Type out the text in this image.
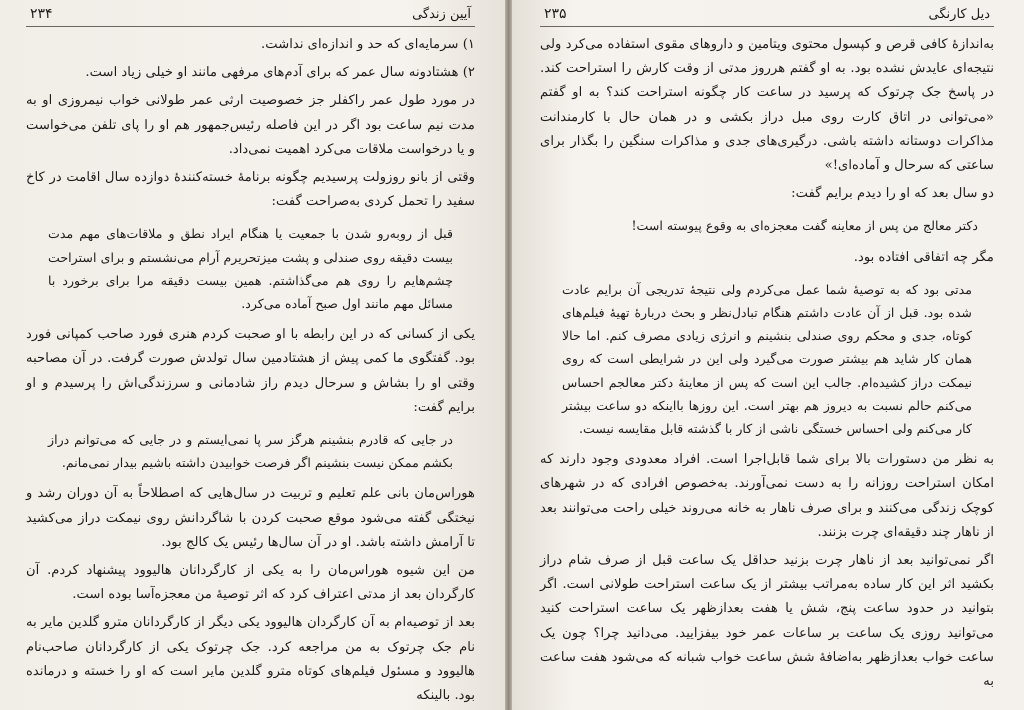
آیین زندگی
۲۳۴

۱) سرمایه‌ای که حد و اندازه‌ای نداشت.

۲) هشتادونه سال عمر که برای آدم‌های مرفهی مانند او خیلی زیاد است.

در مورد طول عمر راکفلر جز خصوصیت ارثی عمر طولانی خواب نیمروزی او به مدت نیم ساعت بود اگر در این فاصله رئیس‌جمهور هم او را پای تلفن می‌خواست و یا درخواست ملاقات می‌کرد اهمیت نمی‌داد.

وقتی از بانو روزولت پرسیدیم چگونه برنامهٔ خسته‌کنندهٔ دوازده سال اقامت در کاخ سفید را تحمل کردی به‌صراحت گفت:

قبل از روبه‌رو شدن با جمعیت یا هنگام ایراد نطق و ملاقات‌های مهم مدت بیست دقیقه روی صندلی و پشت میزتحریرم آرام می‌نشستم و برای استراحت چشم‌هایم را روی هم می‌گذاشتم. همین بیست دقیقه مرا برای برخورد با مسائل مهم مانند اول صبح آماده می‌کرد.

یکی از کسانی که در این رابطه با او صحبت کردم هنری فورد صاحب کمپانی فورد بود. گفتگوی ما کمی پیش از هشتادمین سال تولدش صورت گرفت. در آن مصاحبه وقتی او را بشاش و سرحال دیدم راز شادمانی و سرزندگی‌اش را پرسیدم و او برایم گفت:

در جایی که قادرم بنشینم هرگز سر پا نمی‌ایستم و در جایی که می‌توانم دراز بکشم ممکن نیست بنشینم اگر فرصت خوابیدن داشته باشیم بیدار نمی‌مانم.

هوراس‌مان بانی علم تعلیم و تربیت در سال‌هایی که اصطلاحاً به آن دوران رشد و نیختگی گفته می‌شود موقع صحبت کردن با شاگردانش روی نیمکت دراز می‌کشید تا آرامش داشته باشد. او در آن سال‌ها رئیس یک کالج بود.

من این شیوه هوراس‌مان را به یکی از کارگردانان هالیوود پیشنهاد کردم. آن کارگردان بعد از مدتی اعتراف کرد که اثر توصیهٔ من معجزه‌آسا بوده است.

بعد از توصیه‌ام به آن کارگردان هالیوود یکی دیگر از کارگردانان مترو گلدین مایر به نام جک چرتوک به من مراجعه کرد. جک چرتوک یکی از کارگردانان صاحب‌نام هالیوود و مسئول فیلم‌های کوتاه مترو گلدین مایر است که او را خسته و درمانده بود. بالینکه

دیل کارنگی
۲۳۵

به‌اندازهٔ کافی قرص و کپسول محتوی ویتامین و داروهای مقوی استفاده می‌کرد ولی نتیجه‌ای عایدش نشده بود. به او گفتم هرروز مدتی از وقت کارش را استراحت کند. در پاسخ جک چرتوک که پرسید در ساعت کار چگونه استراحت کند؟ به او گفتم «می‌توانی در اتاق کارت روی مبل دراز بکشی و در همان حال با کارمندانت مذاکرات دوستانه داشته باشی. درگیری‌های جدی و مذاکرات سنگین را بگذار برای ساعتی که سرحال و آماده‌ای!»

دو سال بعد که او را دیدم برایم گفت:

دکتر معالج من پس از معاینه گفت معجزه‌ای به وقوع پیوسته است!

مگر چه اتفاقی افتاده بود.

مدتی بود که به توصیهٔ شما عمل می‌کردم ولی نتیجهٔ تدریجی آن برایم عادت شده بود. قبل از آن عادت داشتم هنگام تبادل‌نظر و بحث دربارهٔ تهیهٔ فیلم‌های کوتاه، جدی و محکم روی صندلی بنشینم و انرژی زیادی مصرف کنم. اما حالا همان کار شاید هم بیشتر صورت می‌گیرد ولی این در شرایطی است که روی نیمکت دراز کشیده‌ام. جالب این است که پس از معاینهٔ دکتر معالجم احساس می‌کنم حالم نسبت به دیروز هم بهتر است. این روزها بااینکه دو ساعت بیشتر کار می‌کنم ولی احساس خستگی ناشی از کار با گذشته قابل مقایسه نیست.

به نظر من دستورات بالا برای شما قابل‌اجرا است. افراد معدودی وجود دارند که امکان استراحت روزانه را به دست نمی‌آورند. به‌خصوص افرادی که در شهرهای کوچک زندگی می‌کنند و برای صرف ناهار به خانه می‌روند خیلی راحت می‌توانند بعد از ناهار چند دقیقه‌ای چرت بزنند.

اگر نمی‌توانید بعد از ناهار چرت بزنید حداقل یک ساعت قبل از صرف شام دراز بکشید اثر این کار ساده به‌مراتب بیشتر از یک ساعت استراحت طولانی است. اگر بتوانید در حدود ساعت پنج، شش یا هفت بعدازظهر یک ساعت استراحت کنید می‌توانید روزی یک ساعت بر ساعات عمر خود بیفزایید. می‌دانید چرا؟ چون یک ساعت خواب بعدازظهر به‌اضافهٔ شش ساعت خواب شبانه که می‌شود هفت ساعت به
